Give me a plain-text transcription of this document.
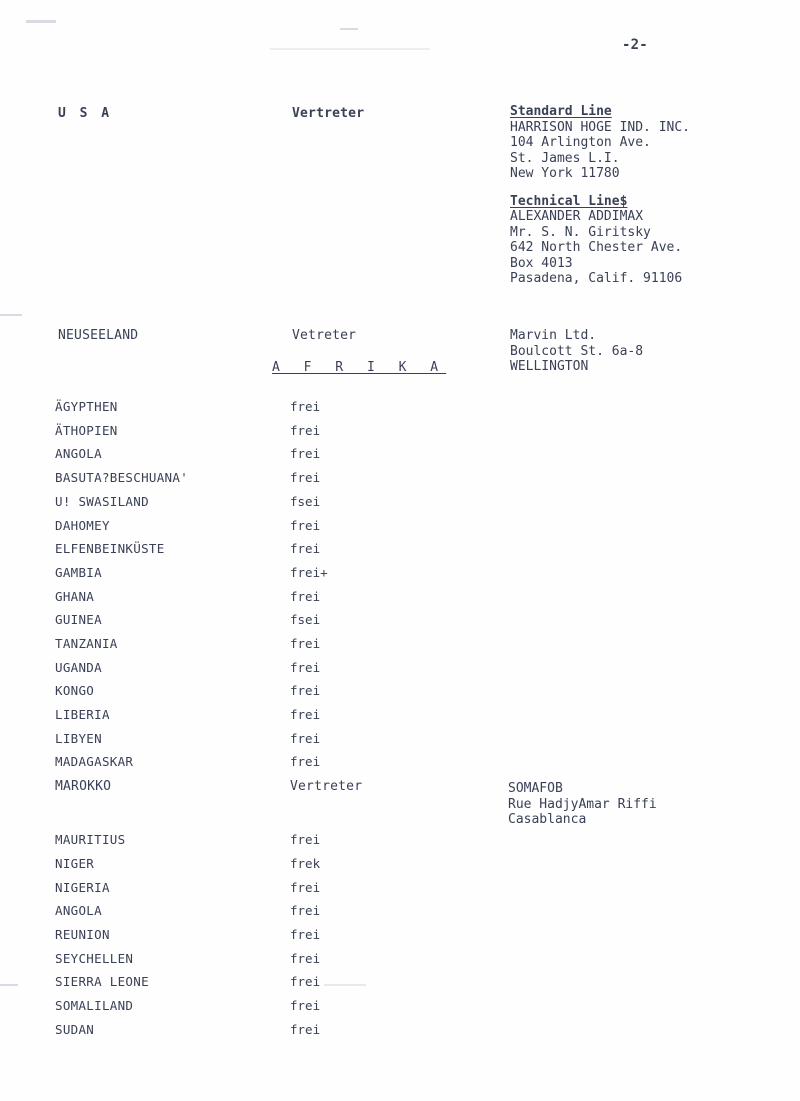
-2-
U S A	Vertreter	Standard Line
HARRISON HOGE IND. INC.
104 Arlington Ave.
St. James L.I.
New York 11780
Technical Line$
ALEXANDER ADDIMAX
Mr. S. N. Giritsky
642 North Chester Ave.
Box 4013
Pasadena, Calif. 91106
NEUSEELAND	Vetreter	Marvin Ltd.
Boulcott St. 6a-8
WELLINGTON
A F R I K A
ÄGYPTHEN	frei
ÄTHOPIEN	frei
ANGOLA	frei
BASUTA?BESCHUANA'	frei
U! SWASILAND	fsei
DAHOMEY	frei
ELFENBEINKÜSTE	frei
GAMBIA	frei+
GHANA	frei
GUINEA	fsei
TANZANIA	frei
UGANDA	frei
KONGO	frei
LIBERIA	frei
LIBYEN	frei
MADAGASKAR	frei
MAROKKO	Vertreter	SOMAFOB
Rue HadjyAmar Riffi
Casablanca
MAURITIUS	frei
NIGER	frek
NIGERIA	frei
ANGOLA	frei
REUNION	frei
SEYCHELLEN	frei
SIERRA LEONE	frei
SOMALILAND	frei
SUDAN	frei
